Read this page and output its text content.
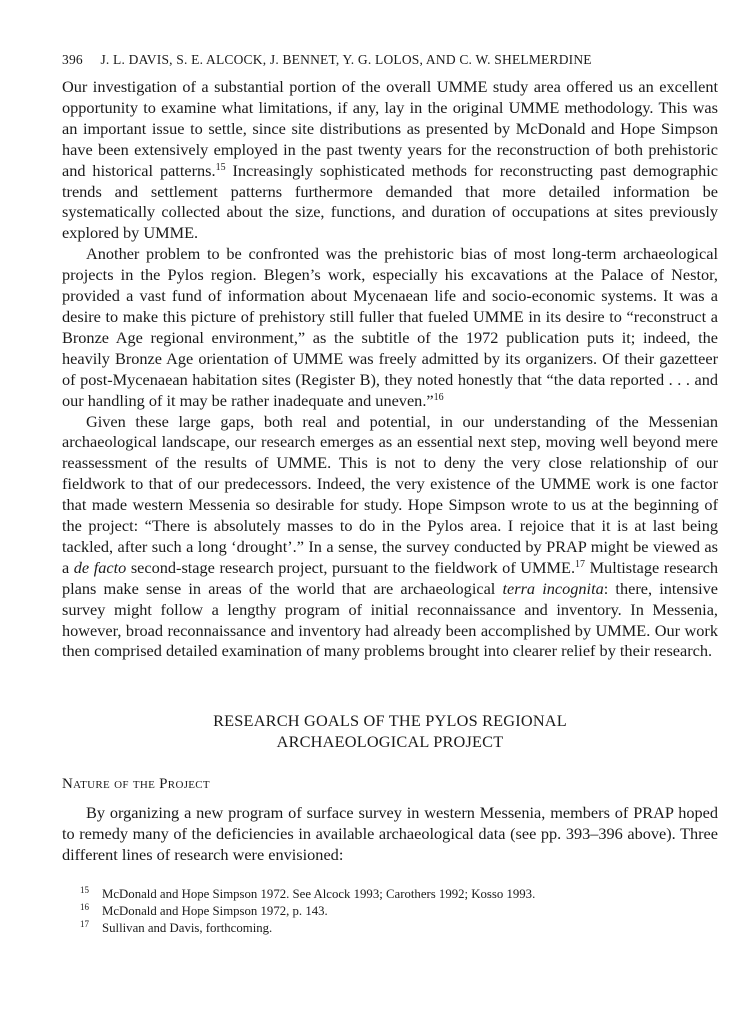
396 J. L. DAVIS, S. E. ALCOCK, J. BENNET, Y. G. LOLOS, AND C. W. SHELMERDINE

Our investigation of a substantial portion of the overall UMME study area offered us an excellent opportunity to examine what limitations, if any, lay in the original UMME methodology. This was an important issue to settle, since site distributions as presented by McDonald and Hope Simpson have been extensively employed in the past twenty years for the reconstruction of both prehistoric and historical patterns.$^{15}$ Increasingly sophisticated methods for reconstructing past demographic trends and settlement patterns furthermore demanded that more detailed information be systematically collected about the size, functions, and duration of occupations at sites previously explored by UMME.

Another problem to be confronted was the prehistoric bias of most long-term archaeological projects in the Pylos region. Blegen’s work, especially his excavations at the Palace of Nestor, provided a vast fund of information about Mycenaean life and socio-economic systems. It was a desire to make this picture of prehistory still fuller that fueled UMME in its desire to “reconstruct a Bronze Age regional environment,” as the subtitle of the 1972 publication puts it; indeed, the heavily Bronze Age orientation of UMME was freely admitted by its organizers. Of their gazetteer of post-Mycenaean habitation sites (Register B), they noted honestly that “the data reported . . . and our handling of it may be rather inadequate and uneven.”$^{16}$

Given these large gaps, both real and potential, in our understanding of the Messenian archaeological landscape, our research emerges as an essential next step, moving well beyond mere reassessment of the results of UMME. This is not to deny the very close relationship of our fieldwork to that of our predecessors. Indeed, the very existence of the UMME work is one factor that made western Messenia so desirable for study. Hope Simpson wrote to us at the beginning of the project: “There is absolutely masses to do in the Pylos area. I rejoice that it is at last being tackled, after such a long ‘drought’.” In a sense, the survey conducted by PRAP might be viewed as a de facto second-stage research project, pursuant to the fieldwork of UMME.$^{17}$ Multistage research plans make sense in areas of the world that are archaeological terra incognita: there, intensive survey might follow a lengthy program of initial reconnaissance and inventory. In Messenia, however, broad reconnaissance and inventory had already been accomplished by UMME. Our work then comprised detailed examination of many problems brought into clearer relief by their research.

RESEARCH GOALS OF THE PYLOS REGIONAL
ARCHAEOLOGICAL PROJECT
Nature of the Project

By organizing a new program of surface survey in western Messenia, members of PRAP hoped to remedy many of the deficiencies in available archaeological data (see pp. 393–396 above). Three different lines of research were envisioned:

$^{15}$	McDonald and Hope Simpson 1972. See Alcock 1993; Carothers 1992; Kosso 1993.
$^{16}$	McDonald and Hope Simpson 1972, p. 143.
$^{17}$	Sullivan and Davis, forthcoming.
